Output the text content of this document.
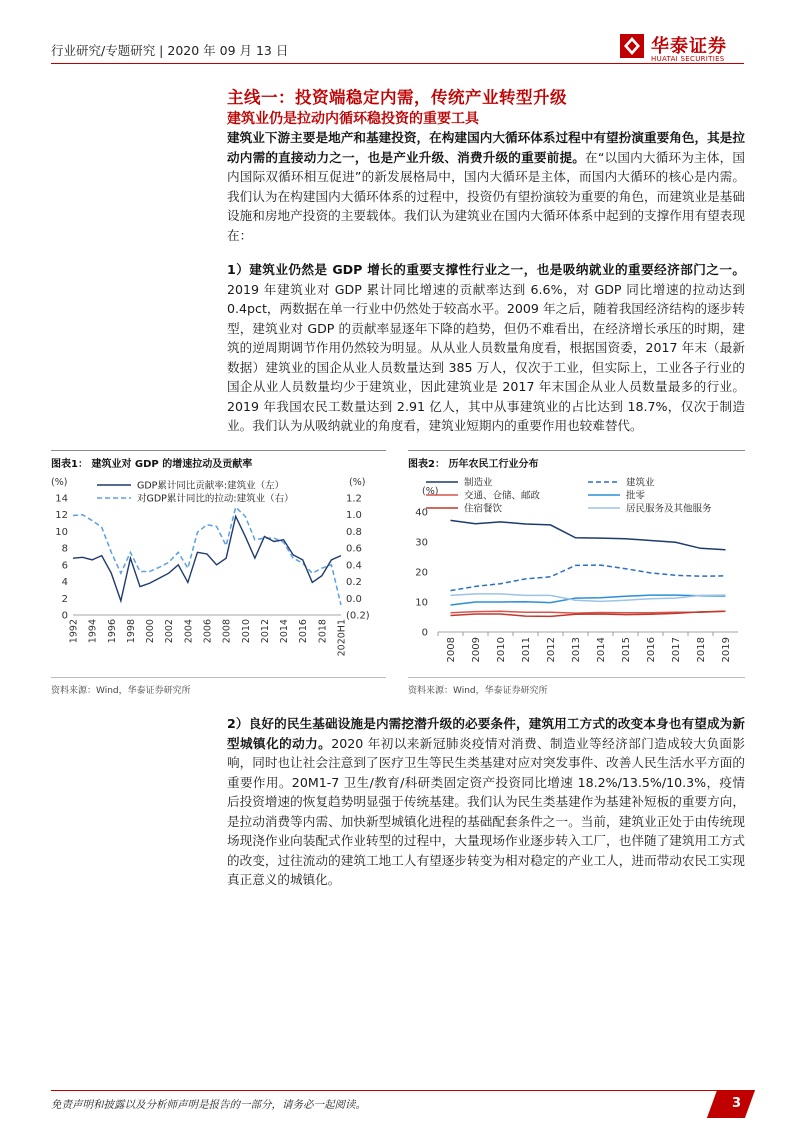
行业研究/专题研究 | 2020 年 09 月 13 日	华泰证券
HUATAI SECURITIES
主线一：投资端稳定内需，传统产业转型升级
建筑业仍是拉动内循环稳投资的重要工具
建筑业下游主要是地产和基建投资，在构建国内大循环体系过程中有望扮演重要角色，其是拉动内需的直接动力之一，也是产业升级、消费升级的重要前提。在“以国内大循环为主体，国内国际双循环相互促进”的新发展格局中，国内大循环是主体，而国内大循环的核心是内需。我们认为在构建国内大循环体系的过程中，投资仍有望扮演较为重要的角色，而建筑业是基础设施和房地产投资的主要载体。我们认为建筑业在国内大循环体系中起到的支撑作用有望表现在：
1）建筑业仍然是 GDP 增长的重要支撑性行业之一，也是吸纳就业的重要经济部门之一。2019 年建筑业对 GDP 累计同比增速的贡献率达到 6.6%，对 GDP 同比增速的拉动达到 0.4pct，两数据在单一行业中仍然处于较高水平。2009 年之后，随着我国经济结构的逐步转型，建筑业对 GDP 的贡献率显逐年下降的趋势，但仍不难看出，在经济增长承压的时期，建筑的逆周期调节作用仍然较为明显。从从业人员数量角度看，根据国资委，2017 年末（最新数据）建筑业的国企从业人员数量达到 385 万人，仅次于工业，但实际上，工业各子行业的国企从业人员数量均少于建筑业，因此建筑业是 2017 年末国企从业人员数量最多的行业。2019 年我国农民工数量达到 2.91 亿人，其中从事建筑业的占比达到 18.7%，仅次于制造业。我们认为从吸纳就业的角度看，建筑业短期内的重要作用也较难替代。
图表1： 建筑业对 GDP 的增速拉动及贡献率
(%)	(%)
0
2
4
6
8
10
12
14
(0.2)
0.0
0.2
0.4
0.6
0.8
1.0
1.2
1992 1994 1996 1998 2000 2002 2004 2006 2008 2010 2012 2014 2016 2018 2020H1
GDP累计同比贡献率:建筑业（左）
对GDP累计同比的拉动:建筑业（右）
资料来源：Wind，华泰证券研究所
图表2： 历年农民工行业分布
(%)
0
10
20
30
40
2008 2009 2010 2011 2012 2013 2014 2015 2016 2017 2018 2019
制造业	建筑业
交通、仓储、邮政	批零
住宿餐饮	居民服务及其他服务
资料来源：Wind，华泰证券研究所
2）良好的民生基础设施是内需挖潜升级的必要条件，建筑用工方式的改变本身也有望成为新型城镇化的动力。2020 年初以来新冠肺炎疫情对消费、制造业等经济部门造成较大负面影响，同时也让社会注意到了医疗卫生等民生类基建对应对突发事件、改善人民生活水平方面的重要作用。20M1-7 卫生/教育/科研类固定资产投资同比增速 18.2%/13.5%/10.3%，疫情后投资增速的恢复趋势明显强于传统基建。我们认为民生类基建作为基建补短板的重要方向，是拉动消费等内需、加快新型城镇化进程的基础配套条件之一。当前，建筑业正处于由传统现场现浇作业向装配式作业转型的过程中，大量现场作业逐步转入工厂，也伴随了建筑用工方式的改变，过往流动的建筑工地工人有望逐步转变为相对稳定的产业工人，进而带动农民工实现真正意义的城镇化。
免责声明和披露以及分析师声明是报告的一部分，请务必一起阅读。	3
